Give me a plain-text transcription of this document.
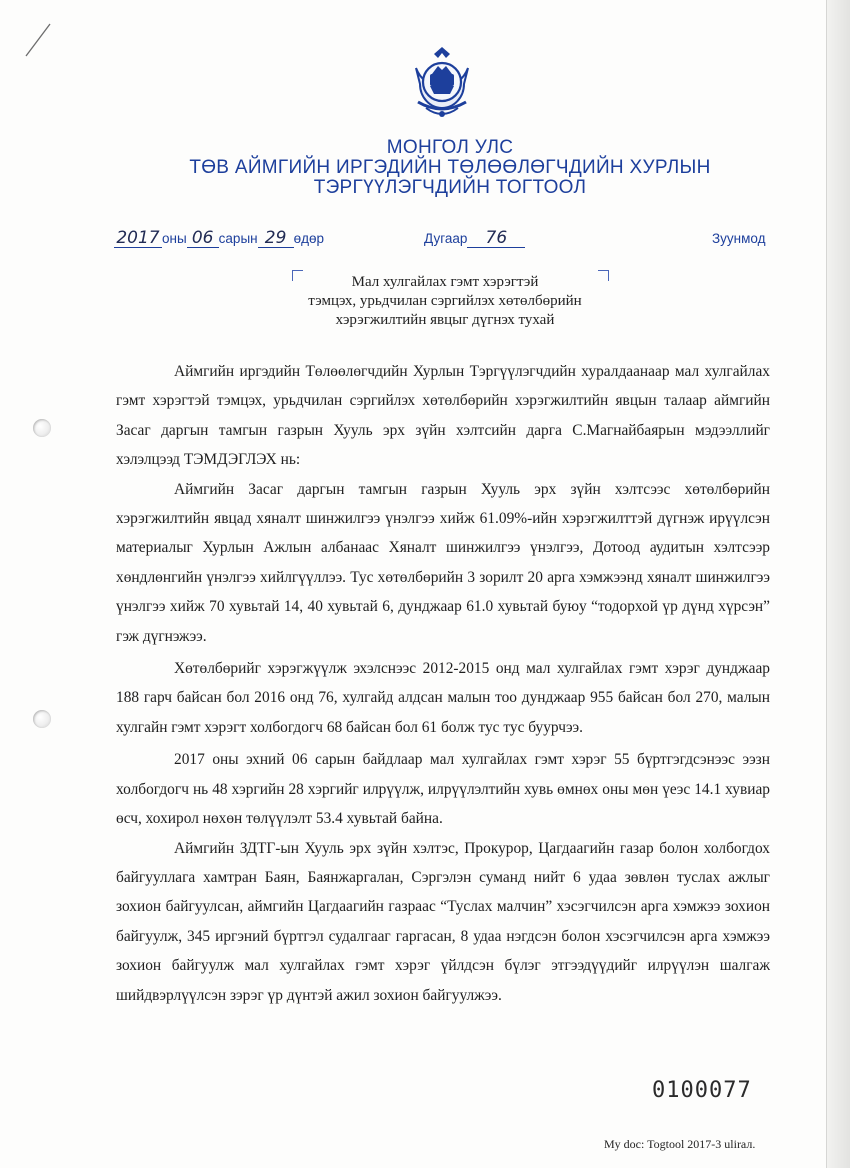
МОНГОЛ УЛС
ТӨВ АЙМГИЙН ИРГЭДИЙН ТӨЛӨӨЛӨГЧДИЙН ХУРЛЫН
ТЭРГҮҮЛЭГЧДИЙН ТОГТООЛ
2017 оны 06 сарын 29 өдөр	Дугаар 76	Зуунмод
Мал хулгайлах гэмт хэрэгтэй
тэмцэх, урьдчилан сэргийлэх хөтөлбөрийн
хэрэгжилтийн явцыг дүгнэх тухай

Аймгийн иргэдийн Төлөөлөгчдийн Хурлын Тэргүүлэгчдийн хуралдаанаар мал хулгайлах гэмт хэрэгтэй тэмцэх, урьдчилан сэргийлэх хөтөлбөрийн хэрэгжилтийн явцын талаар аймгийн Засаг даргын тамгын газрын Хууль эрх зүйн хэлтсийн дарга С.Магнайбаярын мэдээллийг хэлэлцээд ТЭМДЭГЛЭХ нь:

Аймгийн Засаг даргын тамгын газрын Хууль эрх зүйн хэлтсээс хөтөлбөрийн хэрэгжилтийн явцад хяналт шинжилгээ үнэлгээ хийж 61.09%-ийн хэрэгжилттэй дүгнэж ирүүлсэн материалыг Хурлын Ажлын албанаас Хяналт шинжилгээ үнэлгээ, Дотоод аудитын хэлтсээр хөндлөнгийн үнэлгээ хийлгүүллээ. Тус хөтөлбөрийн 3 зорилт 20 арга хэмжээнд хяналт шинжилгээ үнэлгээ хийж 70 хувьтай 14, 40 хувьтай 6, дунджаар 61.0 хувьтай буюу “тодорхой үр дүнд хүрсэн” гэж дүгнэжээ.

Хөтөлбөрийг хэрэгжүүлж эхэлснээс 2012-2015 онд мал хулгайлах гэмт хэрэг дунджаар 188 гарч байсан бол 2016 онд 76, хулгайд алдсан малын тоо дунджаар 955 байсан бол 270, малын хулгайн гэмт хэрэгт холбогдогч 68 байсан бол 61 болж тус тус буурчээ.

2017 оны эхний 06 сарын байдлаар мал хулгайлах гэмт хэрэг 55 бүртгэгдсэнээс ээзн холбогдогч нь 48 хэргийн 28 хэргийг илрүүлж, илрүүлэлтийн хувь өмнөх оны мөн үеэс 14.1 хувиар өсч, хохирол нөхөн төлүүлэлт 53.4 хувьтай байна.

Аймгийн ЗДТГ-ын Хууль эрх зүйн хэлтэс, Прокурор, Цагдаагийн газар болон холбогдох байгууллага хамтран Баян, Баянжаргалан, Сэргэлэн суманд нийт 6 удаа зөвлөн туслах ажлыг зохион байгуулсан, аймгийн Цагдаагийн газраас “Туслах малчин” хэсэгчилсэн арга хэмжээ зохион байгуулж, 345 иргэний бүртгэл судалгааг гаргасан, 8 удаа нэгдсэн болон хэсэгчилсэн арга хэмжээ зохион байгуулж мал хулгайлах гэмт хэрэг үйлдсэн бүлэг этгээдүүдийг илрүүлэн шалгаж шийдвэрлүүлсэн зэрэг үр дүнтэй ажил зохион байгуулжээ.

0100077
My doc: Togtool 2017-3 ulirал.
